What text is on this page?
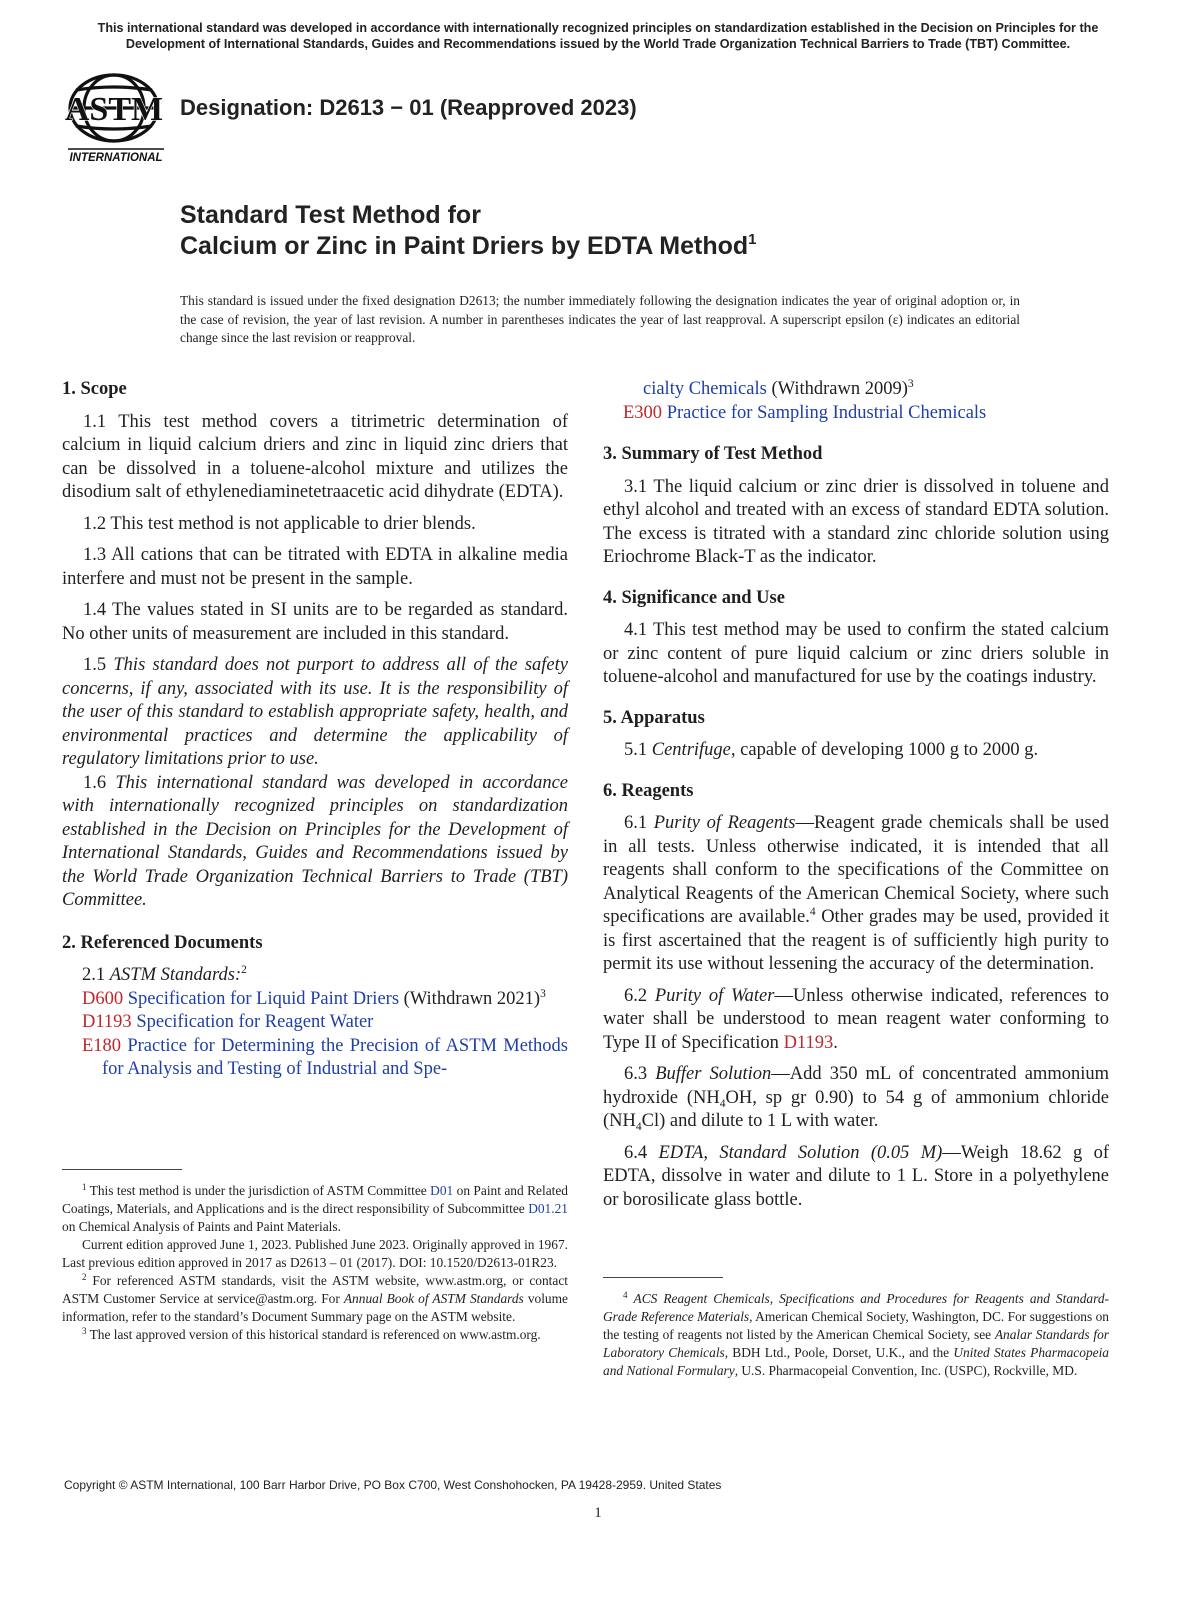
This international standard was developed in accordance with internationally recognized principles on standardization established in the Decision on Principles for the Development of International Standards, Guides and Recommendations issued by the World Trade Organization Technical Barriers to Trade (TBT) Committee.
ASTM
INTERNATIONAL
Designation: D2613 − 01 (Reapproved 2023)
Standard Test Method for
Calcium or Zinc in Paint Driers by EDTA Method$^1$
This standard is issued under the fixed designation D2613; the number immediately following the designation indicates the year of original adoption or, in the case of revision, the year of last revision. A number in parentheses indicates the year of last reapproval. A superscript epsilon (ε) indicates an editorial change since the last revision or reapproval.
1. Scope

1.1 This test method covers a titrimetric determination of calcium in liquid calcium driers and zinc in liquid zinc driers that can be dissolved in a toluene-alcohol mixture and utilizes the disodium salt of ethylenediaminetetraacetic acid dihydrate (EDTA).

1.2 This test method is not applicable to drier blends.

1.3 All cations that can be titrated with EDTA in alkaline media interfere and must not be present in the sample.

1.4 The values stated in SI units are to be regarded as standard. No other units of measurement are included in this standard.

1.5 This standard does not purport to address all of the safety concerns, if any, associated with its use. It is the responsibility of the user of this standard to establish appropriate safety, health, and environmental practices and determine the applicability of regulatory limitations prior to use.

1.6 This international standard was developed in accordance with internationally recognized principles on standardization established in the Decision on Principles for the Development of International Standards, Guides and Recommendations issued by the World Trade Organization Technical Barriers to Trade (TBT) Committee.

2. Referenced Documents

2.1 ASTM Standards:$^2$

D600 Specification for Liquid Paint Driers (Withdrawn 2021)$^3$

D1193 Specification for Reagent Water

E180 Practice for Determining the Precision of ASTM Methods for Analysis and Testing of Industrial and Spe-

$^1$ This test method is under the jurisdiction of ASTM Committee D01 on Paint and Related Coatings, Materials, and Applications and is the direct responsibility of Subcommittee D01.21 on Chemical Analysis of Paints and Paint Materials.

Current edition approved June 1, 2023. Published June 2023. Originally approved in 1967. Last previous edition approved in 2017 as D2613 – 01 (2017). DOI: 10.1520/D2613-01R23.

$^2$ For referenced ASTM standards, visit the ASTM website, www.astm.org, or contact ASTM Customer Service at service@astm.org. For Annual Book of ASTM Standards volume information, refer to the standard’s Document Summary page on the ASTM website.

$^3$ The last approved version of this historical standard is referenced on www.astm.org.

cialty Chemicals (Withdrawn 2009)$^3$

E300 Practice for Sampling Industrial Chemicals

3. Summary of Test Method

3.1 The liquid calcium or zinc drier is dissolved in toluene and ethyl alcohol and treated with an excess of standard EDTA solution. The excess is titrated with a standard zinc chloride solution using Eriochrome Black-T as the indicator.

4. Significance and Use

4.1 This test method may be used to confirm the stated calcium or zinc content of pure liquid calcium or zinc driers soluble in toluene-alcohol and manufactured for use by the coatings industry.

5. Apparatus

5.1 Centrifuge, capable of developing 1000 g to 2000 g.

6. Reagents

6.1 Purity of Reagents—Reagent grade chemicals shall be used in all tests. Unless otherwise indicated, it is intended that all reagents shall conform to the specifications of the Committee on Analytical Reagents of the American Chemical Society, where such specifications are available.$^4$ Other grades may be used, provided it is first ascertained that the reagent is of sufficiently high purity to permit its use without lessening the accuracy of the determination.

6.2 Purity of Water—Unless otherwise indicated, references to water shall be understood to mean reagent water conforming to Type II of Specification D1193.

6.3 Buffer Solution—Add 350 mL of concentrated ammonium hydroxide ($NH_4OH$, sp gr 0.90) to 54 g of ammonium chloride $(NH_4Cl)$ and dilute to 1 L with water.

6.4 EDTA, Standard Solution (0.05 M)—Weigh 18.62 g of EDTA, dissolve in water and dilute to 1 L. Store in a polyethylene or borosilicate glass bottle.

$^4$ ACS Reagent Chemicals, Specifications and Procedures for Reagents and Standard-Grade Reference Materials, American Chemical Society, Washington, DC. For suggestions on the testing of reagents not listed by the American Chemical Society, see Analar Standards for Laboratory Chemicals, BDH Ltd., Poole, Dorset, U.K., and the United States Pharmacopeia and National Formulary, U.S. Pharmacopeial Convention, Inc. (USPC), Rockville, MD.

Copyright © ASTM International, 100 Barr Harbor Drive, PO Box C700, West Conshohocken, PA 19428-2959. United States
1
